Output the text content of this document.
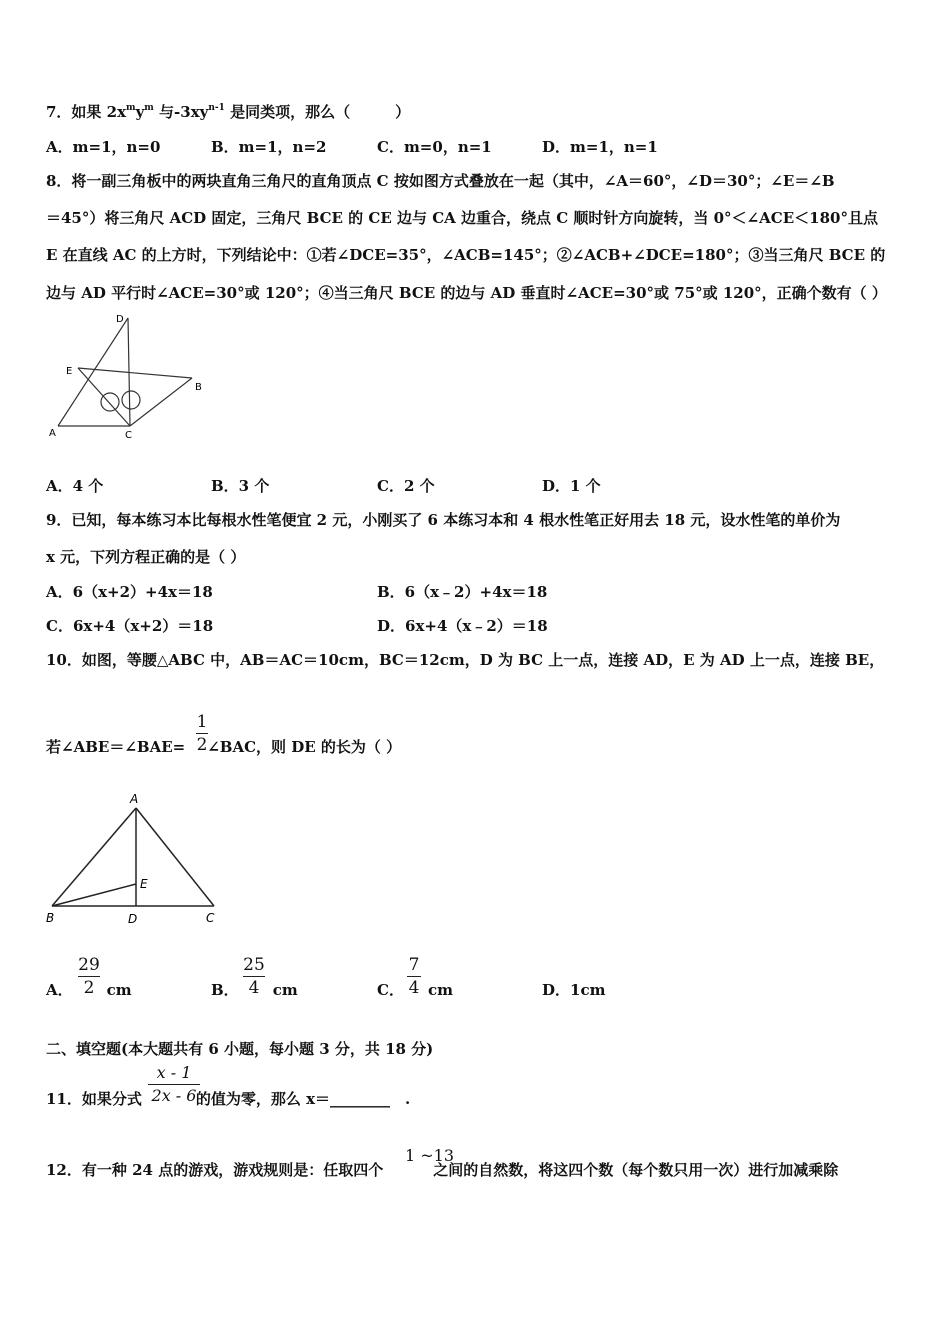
7．如果 $2x^my^m$ 与$-3xy^{n-1}$ 是同类项，那么（　　　）
A．m=1，n=0	B．m=1，n=2	C．m=0，n=1	D．m=1，n=1
8．将一副三角板中的两块直角三角尺的直角顶点 C 按如图方式叠放在一起（其中，∠A＝60°，∠D＝30°；∠E＝∠B
＝45°）将三角尺 ACD 固定，三角尺 BCE 的 CE 边与 CA 边重合，绕点 C 顺时针方向旋转，当 0°＜∠ACE＜180°且点
E 在直线 AC 的上方时，下列结论中：①若∠DCE=35°，∠ACB=145°；②∠ACB+∠DCE=180°；③当三角尺 BCE 的
边与 AD 平行时∠ACE=30°或 120°；④当三角尺 BCE 的边与 AD 垂直时∠ACE=30°或 75°或 120°，正确个数有（ ）
D
E
B
A	C
A．4 个	B．3 个	C．2 个	D．1 个
9．已知，每本练习本比每根水性笔便宜 2 元，小刚买了 6 本练习本和 4 根水性笔正好用去 18 元，设水性笔的单价为
x 元，下列方程正确的是（ ）
A．6（x+2）+4x＝18	B．6（x﹣2）+4x＝18
C．6x+4（x+2）＝18	D．6x+4（x﹣2）＝18
10．如图，等腰△ABC 中，AB＝AC＝10cm，BC＝12cm，D 为 BC 上一点，连接 AD，E 为 AD 上一点，连接 BE，
若∠ABE＝∠BAE= ∠BAC，则 DE 的长为（ ）
1
2
A
E
B	D	C
A． cm
29
2	B． cm
25
4	C． cm
7
4	D．1cm
二、填空题(本大题共有 6 小题，每小题 3 分，共 18 分)
11．如果分式	的值为零，那么 x＝________　.
x - 1
2x - 6
12．有一种 24 点的游戏，游戏规则是：任取四个	之间的自然数，将这四个数（每个数只用一次）进行加减乘除
1 ~13
